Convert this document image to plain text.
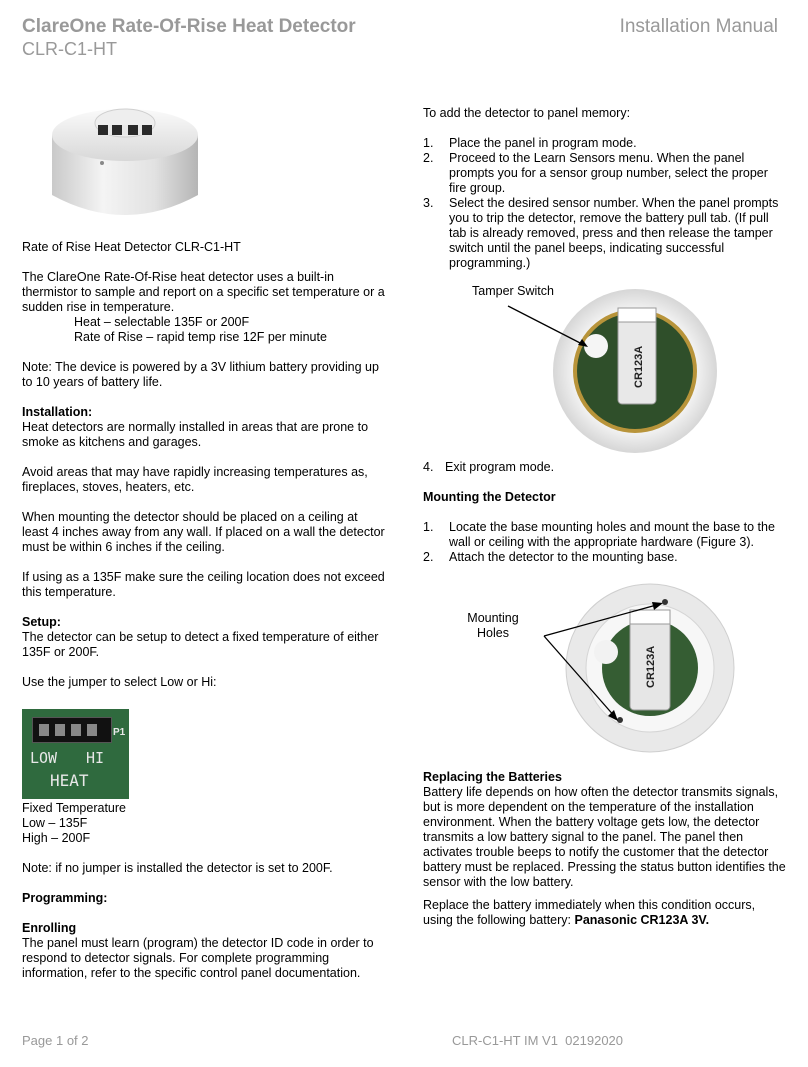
ClareOne Rate-Of-Rise Heat Detector
CLR-C1-HT
Installation Manual

Rate of Rise Heat Detector CLR-C1-HT

The ClareOne Rate-Of-Rise heat detector uses a built-in thermistor to sample and report on a specific set temperature or a sudden rise in temperature.

Heat – selectable 135F or 200F

Rate of Rise – rapid temp rise 12F per minute

Note: The device is powered by a 3V lithium battery providing up to 10 years of battery life.

Installation:

Heat detectors are normally installed in areas that are prone to smoke as kitchens and garages.

Avoid areas that may have rapidly increasing temperatures as, fireplaces, stoves, heaters, etc.

When mounting the detector should be placed on a ceiling at least 4 inches away from any wall. If placed on a wall the detector must be within 6 inches if the ceiling.

If using as a 135F make sure the ceiling location does not exceed this temperature.

Setup:

The detector can be setup to detect a fixed temperature of either 135F or 200F.

Use the jumper to select Low or Hi:

P1
LOW HI
HEAT
Fixed Temperature
Low – 135F

High – 200F

Note: if no jumper is installed the detector is set to 200F.

Programming:

Enrolling

The panel must learn (program) the detector ID code in order to respond to detector signals. For complete programming information, refer to the specific control panel documentation.

To add the detector to panel memory:

1. Place the panel in program mode.
2. Proceed to the Learn Sensors menu. When the panel prompts you for a sensor group number, select the proper fire group.
3. Select the desired sensor number. When the panel prompts you to trip the detector, remove the battery pull tab. (If pull tab is already removed, press and then release the tamper switch until the panel beeps, indicating successful programming.)
Tamper Switch
CR123A
4. Exit program mode.

Mounting the Detector

1. Locate the base mounting holes and mount the base to the wall or ceiling with the appropriate hardware (Figure 3).
2. Attach the detector to the mounting base.
Mounting
Holes
CR123A
Replacing the Batteries

Battery life depends on how often the detector transmits signals, but is more dependent on the temperature of the installation environment. When the battery voltage gets low, the detector transmits a low battery signal to the panel. The panel then activates trouble beeps to notify the customer that the detector battery must be replaced. Pressing the status button identifies the sensor with the low battery.

Replace the battery immediately when this condition occurs, using the following battery: Panasonic CR123A 3V.

Page 1 of 2	CLR-C1-HT IM V1  02192020
